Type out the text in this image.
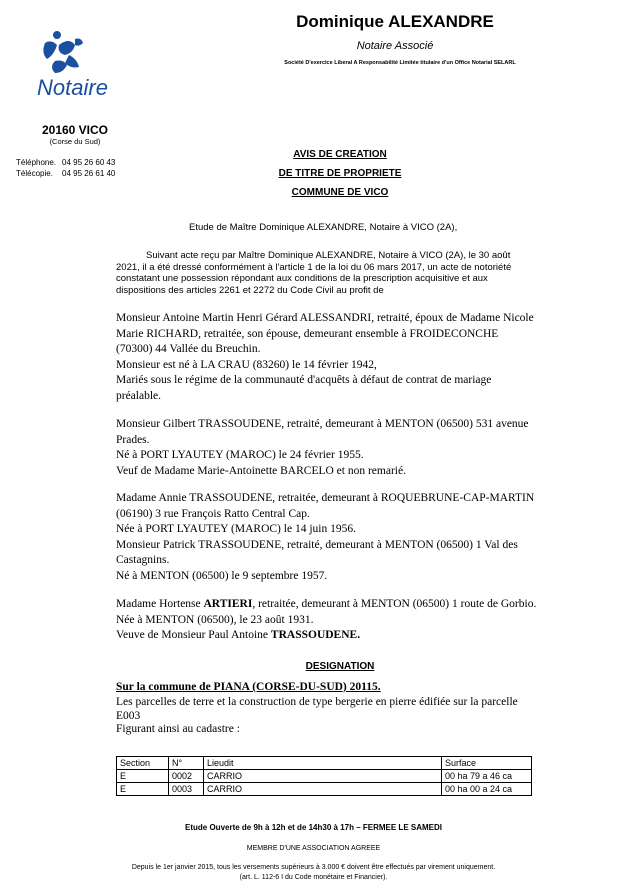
Dominique ALEXANDRE
Notaire Associé
Société D'exercice Liberal A Responsabilité Limitée titulaire d'un Office Notarial SELARL
Notaire
20160 VICO
(Corse du Sud)
Téléphone. 04 95 26 60 43
Télécopie. 04 95 26 61 40
AVIS DE CREATION
DE TITRE DE PROPRIETE
COMMUNE DE VICO
Etude de Maître Dominique ALEXANDRE, Notaire à VICO (2A),
Suivant acte reçu par Maître Dominique ALEXANDRE, Notaire à VICO (2A), le 30 août
2021, il a été dressé conformément à l'article 1 de la loi du 06 mars 2017, un acte de notoriété
constatant une possession répondant aux conditions de la prescription acquisitive et aux
dispositions des articles 2261 et 2272 du Code Civil au profit de
Monsieur Antoine Martin Henri Gérard ALESSANDRI, retraité, époux de Madame Nicole
Marie RICHARD, retraitée, son épouse, demeurant ensemble à FROIDECONCHE
(70300) 44 Vallée du Breuchin.
Monsieur est né à LA CRAU (83260) le 14 février 1942,
Mariés sous le régime de la communauté d'acquêts à défaut de contrat de mariage
préalable.
Monsieur Gilbert TRASSOUDENE, retraité, demeurant à MENTON (06500) 531 avenue
Prades.
Né à PORT LYAUTEY (MAROC) le 24 février 1955.
Veuf de Madame Marie-Antoinette BARCELO et non remarié.
Madame Annie TRASSOUDENE, retraitée, demeurant à ROQUEBRUNE-CAP-MARTIN
(06190) 3 rue François Ratto Central Cap.
Née à PORT LYAUTEY (MAROC) le 14 juin 1956.
Monsieur Patrick TRASSOUDENE, retraité, demeurant à MENTON (06500) 1 Val des
Castagnins.
Né à MENTON (06500) le 9 septembre 1957.
Madame Hortense ARTIERI, retraitée, demeurant à MENTON (06500) 1 route de Gorbio.
Née à MENTON (06500), le 23 août 1931.
Veuve de Monsieur Paul Antoine TRASSOUDENE.
DESIGNATION
Sur la commune de PIANA (CORSE-DU-SUD) 20115.
Les parcelles de terre et la construction de type bergerie en pierre édifiée sur la parcelle
E003
Figurant ainsi au cadastre :
Section	N°	Lieudit	Surface
E	0002	CARRIO	00 ha 79 a 46 ca
E	0003	CARRIO	00 ha 00 a 24 ca
Etude Ouverte de 9h à 12h et de 14h30 à 17h – FERMEE LE SAMEDI
MEMBRE D'UNE ASSOCIATION AGREEE
Depuis le 1er janvier 2015, tous les versements supérieurs à 3.000 € doivent être effectués par virement uniquement.
(art. L. 112-6 I du Code monétaire et Financier).
